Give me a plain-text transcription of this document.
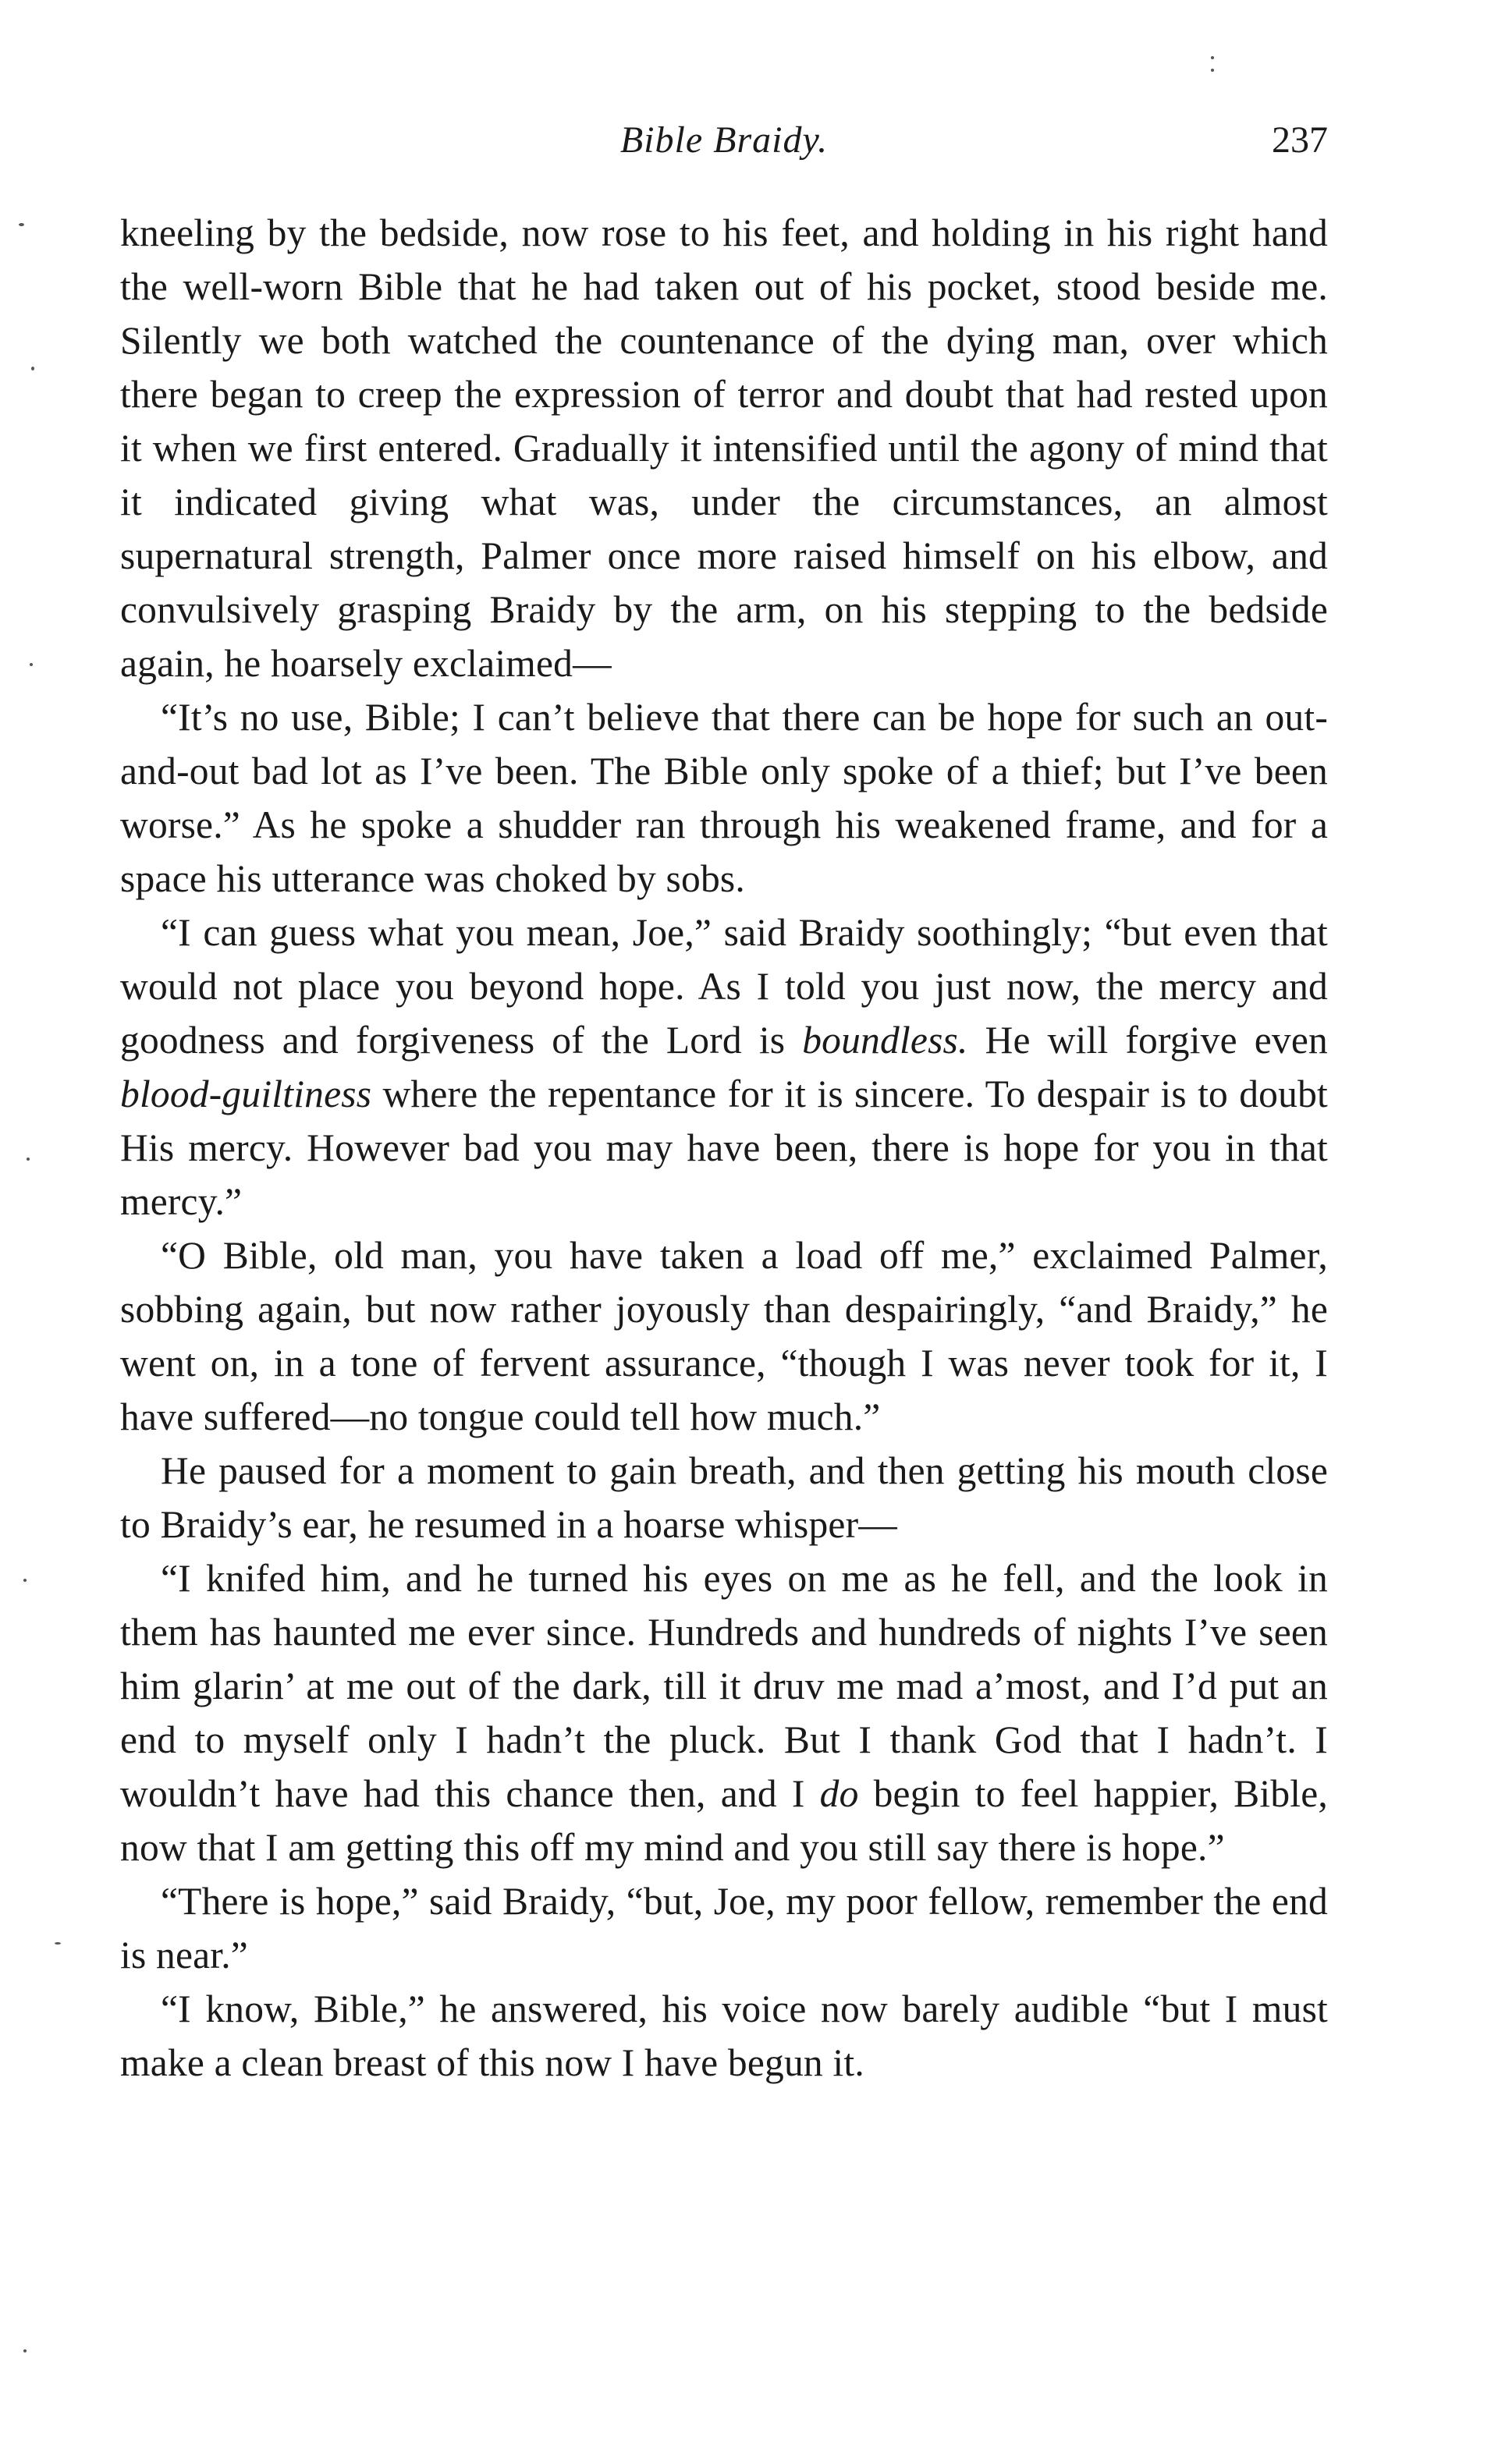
Bible Braidy.	237

kneeling by the bedside, now rose to his feet, and holding in his right hand the well-worn Bible that he had taken out of his pocket, stood beside me. Silently we both watched the countenance of the dying man, over which there began to creep the expression of terror and doubt that had rested upon it when we first entered. Gradually it intensified until the agony of mind that it indicated giving what was, under the circumstances, an almost supernatural strength, Palmer once more raised himself on his elbow, and convulsively grasping Braidy by the arm, on his stepping to the bedside again, he hoarsely exclaimed—

“It’s no use, Bible; I can’t believe that there can be hope for such an out-and-out bad lot as I’ve been. The Bible only spoke of a thief; but I’ve been worse.” As he spoke a shudder ran through his weakened frame, and for a space his utterance was choked by sobs.

“I can guess what you mean, Joe,” said Braidy soothingly; “but even that would not place you beyond hope. As I told you just now, the mercy and goodness and forgiveness of the Lord is boundless. He will forgive even blood-guiltiness where the repentance for it is sincere. To despair is to doubt His mercy. However bad you may have been, there is hope for you in that mercy.”

“O Bible, old man, you have taken a load off me,” exclaimed Palmer, sobbing again, but now rather joyously than despairingly, “and Braidy,” he went on, in a tone of fervent assurance, “though I was never took for it, I have suffered—no tongue could tell how much.”

He paused for a moment to gain breath, and then getting his mouth close to Braidy’s ear, he resumed in a hoarse whisper—

“I knifed him, and he turned his eyes on me as he fell, and the look in them has haunted me ever since. Hundreds and hundreds of nights I’ve seen him glarin’ at me out of the dark, till it druv me mad a’most, and I’d put an end to myself only I hadn’t the pluck. But I thank God that I hadn’t. I wouldn’t have had this chance then, and I do begin to feel happier, Bible, now that I am getting this off my mind and you still say there is hope.”

“There is hope,” said Braidy, “but, Joe, my poor fellow, remember the end is near.”

“I know, Bible,” he answered, his voice now barely audible “but I must make a clean breast of this now I have begun it.
